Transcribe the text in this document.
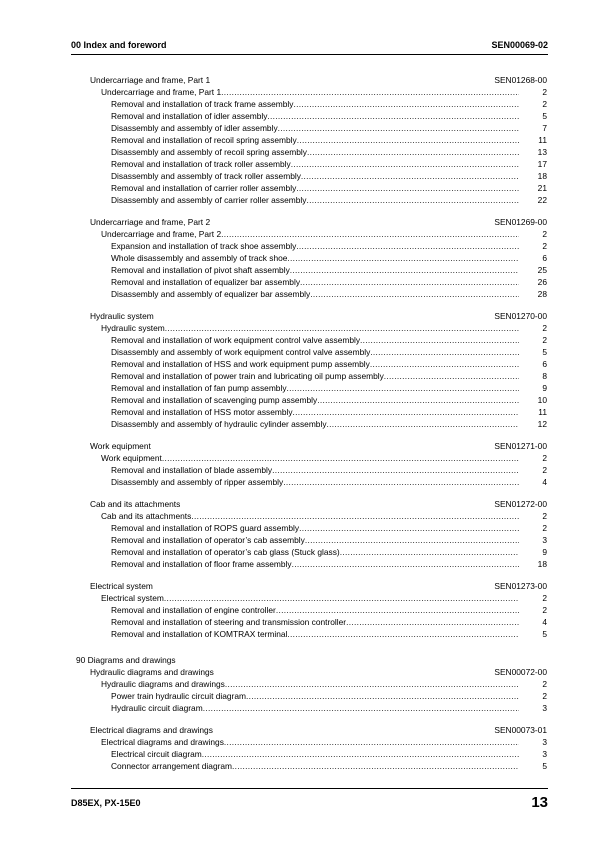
00 Index and foreword	SEN00069-02
Undercarriage and frame, Part 1	SEN01268-00
Undercarriage and frame, Part 1 .....	2
Removal and installation of track frame assembly .....	2
Removal and installation of idler assembly .....	5
Disassembly and assembly of idler assembly .....	7
Removal and installation of recoil spring assembly .....	11
Disassembly and assembly of recoil spring assembly .....	13
Removal and installation of track roller assembly .....	17
Disassembly and assembly of track roller assembly .....	18
Removal and installation of carrier roller assembly .....	21
Disassembly and assembly of carrier roller assembly .....	22
Undercarriage and frame, Part 2	SEN01269-00
Undercarriage and frame, Part 2 .....	2
Expansion and installation of track shoe assembly .....	2
Whole disassembly and assembly of track shoe .....	6
Removal and installation of pivot shaft assembly .....	25
Removal and installation of equalizer bar assembly .....	26
Disassembly and assembly of equalizer bar assembly .....	28
Hydraulic system	SEN01270-00
Hydraulic system .....	2
Removal and installation of work equipment control valve assembly .....	2
Disassembly and assembly of work equipment control valve assembly .....	5
Removal and installation of HSS and work equipment pump assembly .....	6
Removal and installation of power train and lubricating oil pump assembly .....	8
Removal and installation of fan pump assembly .....	9
Removal and installation of scavenging pump assembly .....	10
Removal and installation of HSS motor assembly .....	11
Disassembly and assembly of hydraulic cylinder assembly .....	12
Work equipment	SEN01271-00
Work equipment .....	2
Removal and installation of blade assembly .....	2
Disassembly and assembly of ripper assembly .....	4
Cab and its attachments	SEN01272-00
Cab and its attachments .....	2
Removal and installation of ROPS guard assembly .....	2
Removal and installation of operator’s cab assembly .....	3
Removal and installation of operator’s cab glass (Stuck glass) .....	9
Removal and installation of floor frame assembly .....	18
Electrical system	SEN01273-00
Electrical system .....	2
Removal and installation of engine controller .....	2
Removal and installation of steering and transmission controller .....	4
Removal and installation of KOMTRAX terminal .....	5
90 Diagrams and drawings
Hydraulic diagrams and drawings	SEN00072-00
Hydraulic diagrams and drawings .....	2
Power train hydraulic circuit diagram .....	2
Hydraulic circuit diagram .....	3
Electrical diagrams and drawings	SEN00073-01
Electrical diagrams and drawings .....	3
Electrical circuit diagram .....	3
Connector arrangement diagram .....	5
D85EX, PX-15E0	13
